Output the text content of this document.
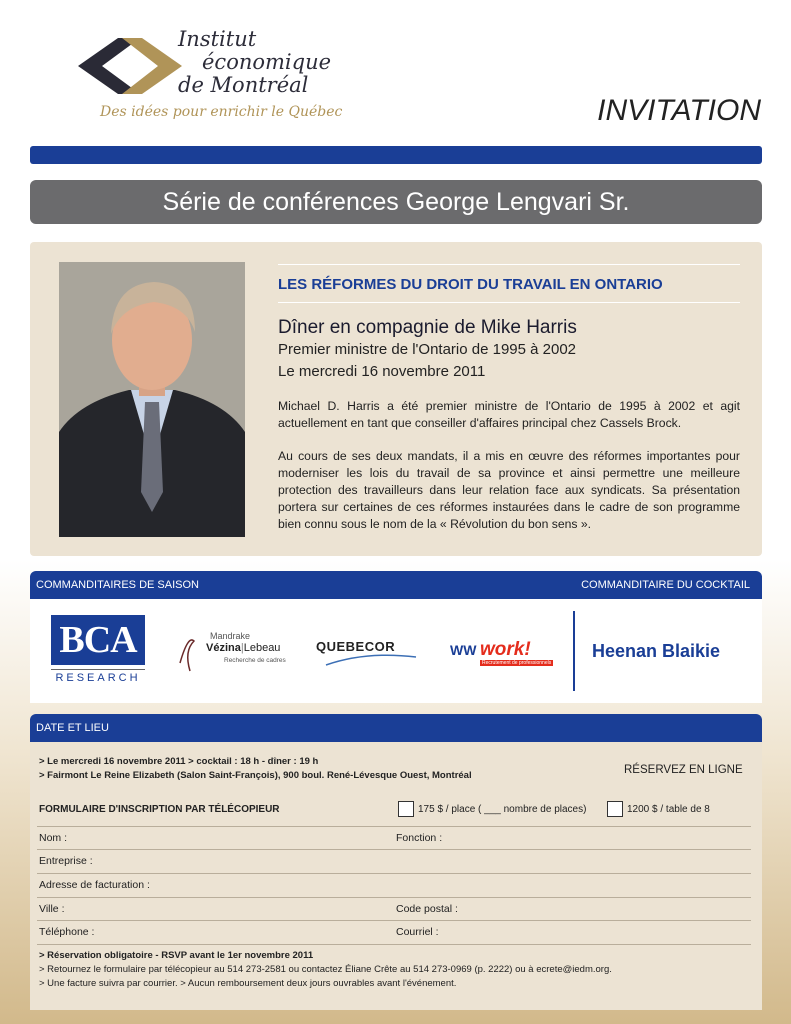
Institut
économique
de Montréal
Des idées pour enrichir le Québec	INVITATION
Série de conférences George Lengvari Sr.
LES RÉFORMES DU DROIT DU TRAVAIL EN ONTARIO
Dîner en compagnie de Mike Harris
Premier ministre de l'Ontario de 1995 à 2002
Le mercredi 16 novembre 2011
Michael D. Harris a été premier ministre de l'Ontario de 1995 à 2002 et agit actuellement en tant que conseiller d'affaires principal chez Cassels Brock.
Au cours de ses deux mandats, il a mis en œuvre des réformes importantes pour moderniser les lois du travail de sa province et ainsi permettre une meilleure protection des travailleurs dans leur relation face aux syndicats. Sa présentation portera sur certaines de ces réformes instaurées dans le cadre de son programme bien connu sous le nom de la « Révolution du bon sens ».
COMMANDITAIRES DE SAISON	COMMANDITAIRE DU COCKTAIL
BCA
RESEARCH
Mandrake
Vézina|Lebeau
Recherche de cadres
QUEBECOR	WW work!
Recrutement de professionnels
Heenan Blaikie
DATE ET LIEU
> Le mercredi 16 novembre 2011 > cocktail : 18 h - dîner : 19 h
> Fairmont Le Reine Elizabeth (Salon Saint-François), 900 boul. René-Lévesque Ouest, Montréal	RÉSERVEZ EN LIGNE
FORMULAIRE D'INSCRIPTION PAR TÉLÉCOPIEUR	175 $ / place ( ___ nombre de places)	1200 $ / table de 8
Nom :	Fonction :
Entreprise :
Adresse de facturation :
Ville :	Code postal :
Téléphone :	Courriel :
> Réservation obligatoire - RSVP avant le 1er novembre 2011
> Retournez le formulaire par télécopieur au 514 273-2581 ou contactez Éliane Crête au 514 273-0969 (p. 2222) ou à ecrete@iedm.org.
> Une facture suivra par courrier. > Aucun remboursement deux jours ouvrables avant l'événement.
